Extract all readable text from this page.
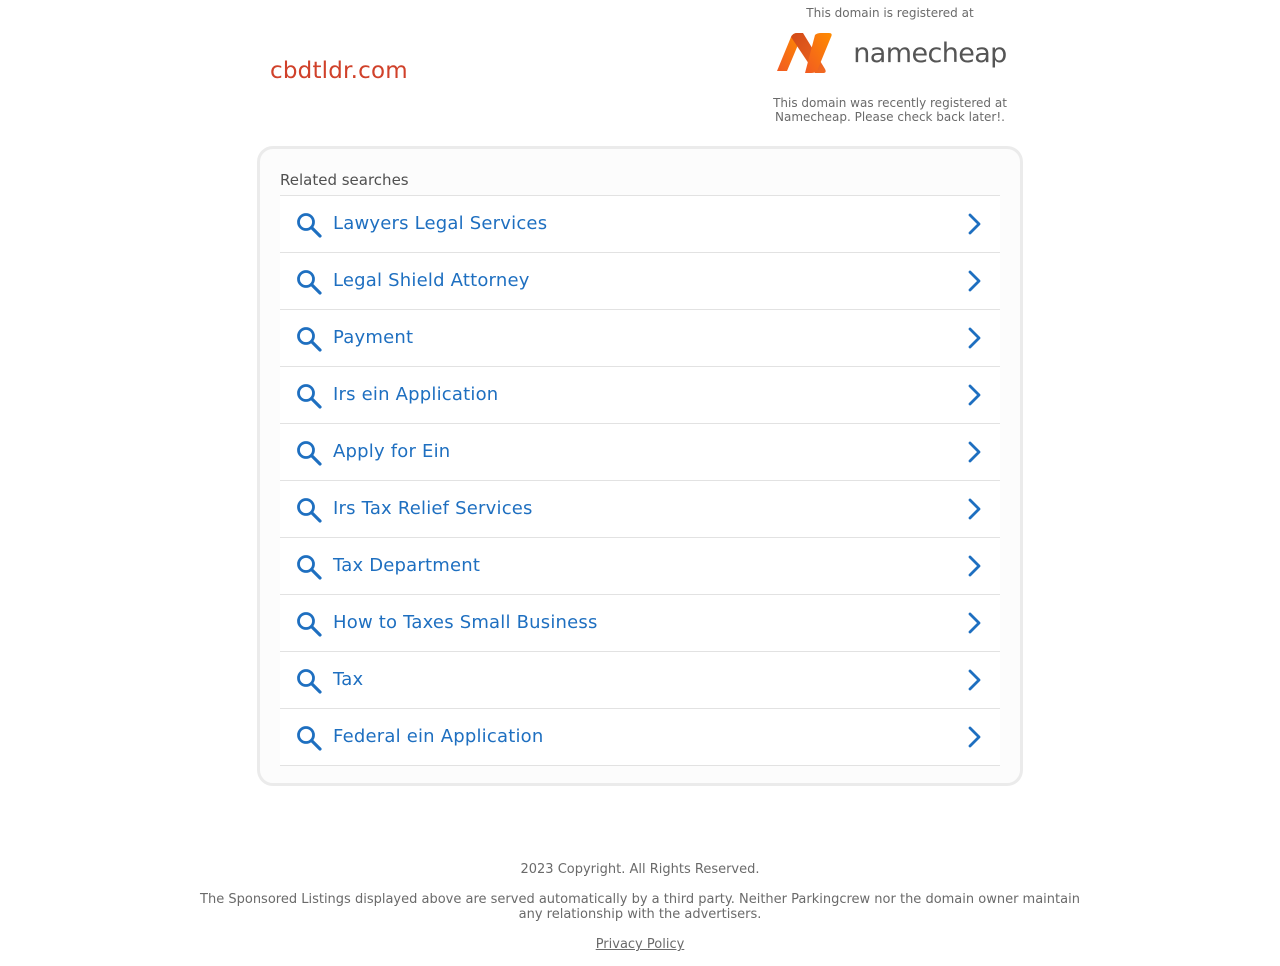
cbdtldr.com
This domain is registered at
namecheap
This domain was recently registered at
Namecheap. Please check back later!.
Related searches
Lawyers Legal Services
Legal Shield Attorney
Payment
Irs ein Application
Apply for Ein
Irs Tax Relief Services
Tax Department
How to Taxes Small Business
Tax
Federal ein Application
2023 Copyright. All Rights Reserved.
The Sponsored Listings displayed above are served automatically by a third party. Neither Parkingcrew nor the domain owner maintain any relationship with the advertisers.
Privacy Policy
